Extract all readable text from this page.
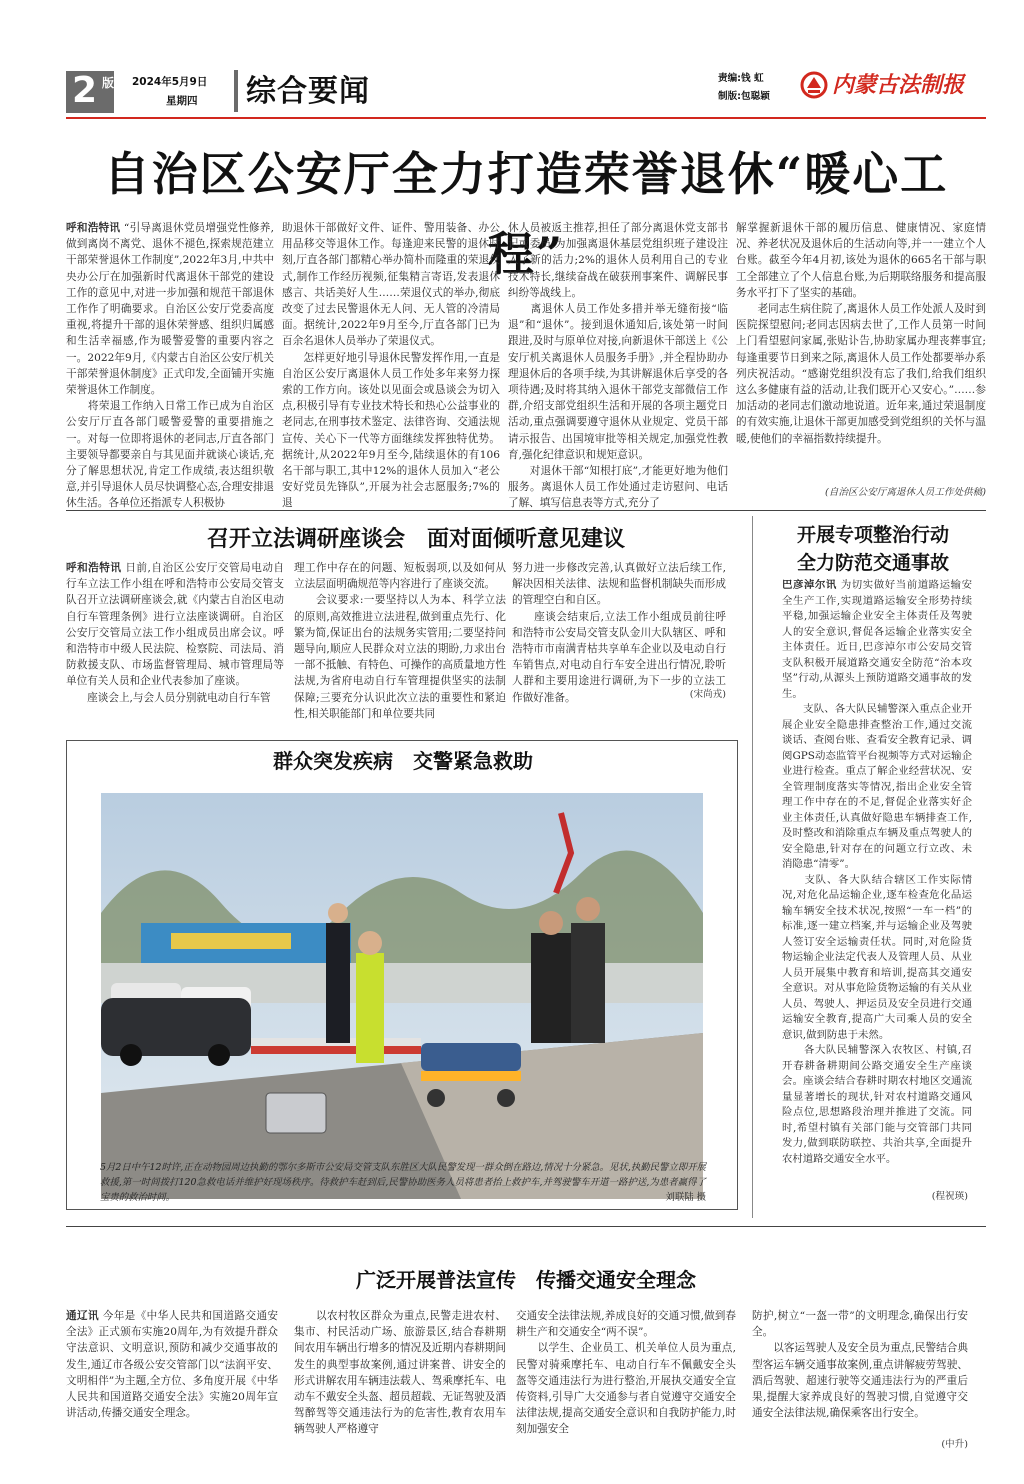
2 版 2024年5月9日
星期四	综合要闻	责编:钱 虹
制版:包聪颖	内蒙古法制报
自治区公安厅全力打造荣誉退休“暖心工程”
呼和浩特讯 “引导离退休党员增强党性修养,做到离岗不离党、退休不褪色,探索规范建立干部荣誉退休工作制度”,2022年3月,中共中央办公厅在加强新时代离退休干部党的建设工作的意见中,对进一步加强和规范干部退休工作作了明确要求。自治区公安厅党委高度重视,将提升干部的退休荣誉感、组织归属感和生活幸福感,作为暖警爱警的重要内容之一。2022年9月,《内蒙古自治区公安厅机关干部荣誉退休制度》正式印发,全面铺开实施荣誉退休工作制度。
　　将荣退工作纳入日常工作已成为自治区公安厅厅直各部门暖警爱警的重要措施之一。对每一位即将退休的老同志,厅直各部门主要领导都要亲自与其见面并就谈心谈话,充分了解思想状况,肯定工作成绩,表达组织敬意,并引导退休人员尽快调整心态,合理安排退休生活。各单位还指派专人积极协
助退休干部做好文件、证件、警用装备、办公用品移交等退休工作。每逢迎来民警的退休时刻,厅直各部门都精心举办简朴而隆重的荣退仪式,制作工作经历视频,征集精言寄语,发表退休感言、共话美好人生……荣退仪式的举办,彻底改变了过去民警退休无人问、无人管的冷清局面。据统计,2022年9月至今,厅直各部门已为百余名退休人员举办了荣退仪式。
　　怎样更好地引导退休民警发挥作用,一直是自治区公安厅离退休人员工作处多年来努力探索的工作方向。该处以见面会或恳谈会为切入点,积极引导有专业技术特长和热心公益事业的老同志,在刑事技术鉴定、法律咨询、交通法规宣传、关心下一代等方面继续发挥独特优势。据统计,从2022年9月至今,陆续退休的有106名干部与职工,其中12%的退休人员加入“老公安好党员先锋队”,开展为社会志愿服务;7%的退
休人员被返主推荐,担任了部分离退休党支部书记或委员,为加强离退休基层党组织班子建设注入了新的活力;2%的退休人员利用自己的专业技术特长,继续奋战在破获刑事案件、调解民事纠纷等战线上。
　　离退休人员工作处多措并举无缝衔接“临退”和“退休”。接到退休通知后,该处第一时间跟进,及时与原单位对接,向新退休干部送上《公安厅机关离退休人员服务手册》,并全程协助办理退休后的各项手续,为其讲解退休后享受的各项待遇;及时将其纳入退休干部党支部微信工作群,介绍支部党组织生活和开展的各项主题党日活动,重点强调要遵守退休从业规定、党员干部请示报告、出国境审批等相关规定,加强党性教育,强化纪律意识和规矩意识。
　　对退休干部“知根打底”,才能更好地为他们服务。离退休人员工作处通过走访慰问、电话了解、填写信息表等方式,充分了
解掌握新退休干部的履历信息、健康情况、家庭情况、养老状况及退休后的生活动向等,并一一建立个人台账。截至今年4月初,该处为退休的665名干部与职工全部建立了个人信息台账,为后期联络服务和提高服务水平打下了坚实的基础。
　　老同志生病住院了,离退休人员工作处派人及时到医院探望慰问;老同志因病去世了,工作人员第一时间上门看望慰问家属,张贴讣告,协助家属办理丧葬事宜;每逢重要节日到来之际,离退休人员工作处都要举办系列庆祝活动。“感谢党组织没有忘了我们,给我们组织这么多健康有益的活动,让我们既开心又安心。”……参加活动的老同志们激动地说道。近年来,通过荣退制度的有效实施,让退休干部更加感受到党组织的关怀与温暖,使他们的幸福指数持续提升。
(自治区公安厅离退休人员工作处供稿)
召开立法调研座谈会　面对面倾听意见建议
呼和浩特讯 日前,自治区公安厅交管局电动自行车立法工作小组在呼和浩特市公安局交管支队召开立法调研座谈会,就《内蒙古自治区电动自行车管理条例》进行立法座谈调研。自治区公安厅交管局立法工作小组成员出席会议。呼和浩特市中级人民法院、检察院、司法局、消防救援支队、市场监督管理局、城市管理局等单位有关人员和企业代表参加了座谈。
　　座谈会上,与会人员分别就电动自行车管
理工作中存在的问题、短板弱项,以及如何从立法层面明确规范等内容进行了座谈交流。
　　会议要求:一要坚持以人为本、科学立法的原则,高效推进立法进程,做到重点先行、化繁为简,保证出台的法规务实管用;二要坚持问题导向,顺应人民群众对立法的期盼,力求出台一部不抵触、有特色、可操作的高质量地方性法规,为省府电动自行车管理提供坚实的法制保障;三要充分认识此次立法的重要性和紧迫性,相关职能部门和单位要共同
努力进一步修改完善,认真做好立法后续工作,解决因相关法律、法规和监督机制缺失而形成的管理空白和自区。
　　座谈会结束后,立法工作小组成员前往呼和浩特市公安局交管支队金川大队辖区、呼和浩特市市南满青枯共享单车企业以及电动自行车销售点,对电动自行车安全进出行情况,聆听人群和主要用途进行调研,为下一步的立法工作做好准备。	(宋尚戎)
群众突发疾病　交警紧急救助
5月2日中午12时许,正在动物园周边执勤的鄂尔多斯市公安局交管支队东胜区大队民警发现一群众倒在路边,情况十分紧急。见状,执勤民警立即开展救援,第一时间拨打120急救电话并维护好现场秩序。待救护车赶到后,民警协助医务人员将患者抬上救护车,并驾驶警车开道一路护送,为患者赢得了宝贵的救治时间。	刘联陆 摄
开展专项整治行动
全力防范交通事故
巴彦淖尔讯 为切实做好当前道路运输安全生产工作,实现道路运输安全形势持续平稳,加强运输企业安全主体责任及驾驶人的安全意识,督促各运输企业落实安全主体责任。近日,巴彦淖尔市公安局交管支队积极开展道路交通安全防范“治本攻坚”行动,从源头上预防道路交通事故的发生。
　　支队、各大队民辅警深入重点企业开展企业安全隐患排查整治工作,通过交流谈话、查阅台账、查看安全教育记录、调阅GPS动态监管平台视频等方式对运输企业进行检查。重点了解企业经营状况、安全管理制度落实等情况,指出企业安全管理工作中存在的不足,督促企业落实好企业主体责任,认真做好隐患车辆排查工作,及时整改和消除重点车辆及重点驾驶人的安全隐患,针对存在的问题立行立改、未消隐患“清零”。
　　支队、各大队结合辖区工作实际情况,对危化品运输企业,逐车检查危化品运输车辆安全技术状况,按照“一车一档”的标准,逐一建立档案,并与运输企业及驾驶人签订安全运输责任状。同时,对危险货物运输企业法定代表人及管理人员、从业人员开展集中教育和培训,提高其交通安全意识。对从事危险货物运输的有关从业人员、驾驶人、押运员及安全员进行交通运输安全教育,提高广大司乘人员的安全意识,做到防患于未然。
　　各大队民辅警深入农牧区、村镇,召开春耕备耕期间公路交通安全生产座谈会。座谈会结合春耕时期农村地区交通流量显著增长的现状,针对农村道路交通风险点位,思想路段治理并推进了交流。同时,希望村镇有关部门能与交管部门共同发力,做到联防联控、共治共享,全面提升农村道路交通安全水平。
(程祝瑛)
广泛开展普法宣传　传播交通安全理念
通辽讯 今年是《中华人民共和国道路交通安全法》正式颁布实施20周年,为有效提升群众守法意识、文明意识,预防和减少交通事故的发生,通辽市各级公安交管部门以“法润平安、文明相伴”为主题,全方位、多角度开展《中华人民共和国道路交通安全法》实施20周年宣讲活动,传播交通安全理念。
　　以农村牧区群众为重点,民警走进农村、集市、村民活动广场、旅游景区,结合春耕期间农用车辆出行增多的情况及近期内春耕期间发生的典型事故案例,通过讲案普、讲安全的形式讲解农用车辆违法载人、驾乘摩托车、电动车不戴安全头盔、超员超载、无证驾驶及酒驾醉驾等交通违法行为的危害性,教育农用车辆驾驶人严格遵守
交通安全法律法规,养成良好的交通习惯,做到春耕生产和交通安全“两不误”。
　　以学生、企业员工、机关单位人员为重点,民警对骑乘摩托车、电动自行车不佩戴安全头盔等交通违法行为进行整治,开展执交通安全宣传资料,引导广大交通参与者自觉遵守交通安全法律法规,提高交通安全意识和自我防护能力,时刻加强安全
防护,树立“一盔一带”的文明理念,确保出行安全。
　　以客运驾驶人及安全员为重点,民警结合典型客运车辆交通事故案例,重点讲解疲劳驾驶、酒后驾驶、超速行驶等交通违法行为的严重后果,提醒大家养成良好的驾驶习惯,自觉遵守交通安全法律法规,确保乘客出行安全。
(中升)
